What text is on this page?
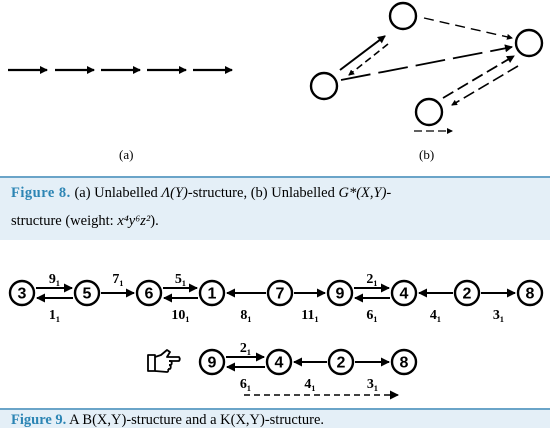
(a)	(b)
Figure 8. (a) Unlabelled Λ(Y)-structure, (b) Unlabelled G*(X,Y)-
structure (weight: x⁴y⁶z²).
3	5	6	1	7	9	4	2	8
9	4	2	8
9₁
1₁
7₁	5₁
10₁	8₁	11₁
2₁
6₁	4₁	3₁
2₁
6₁	4₁	3₁
Figure 9. A B(X,Y)-structure and a K(X,Y)-structure.
